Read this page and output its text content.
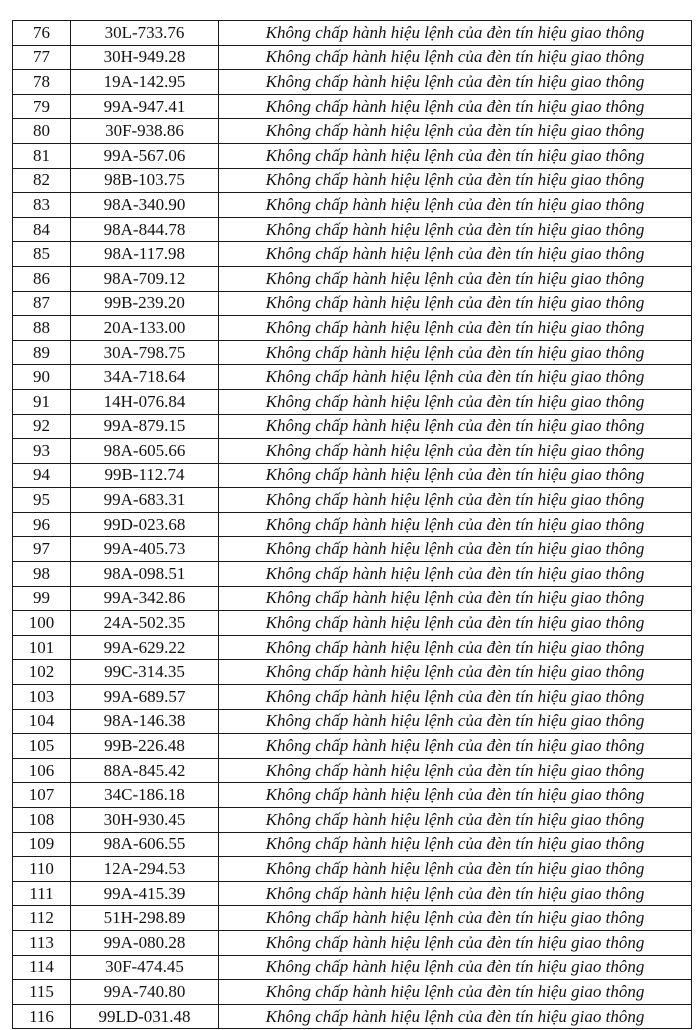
76	30L-733.76	Không chấp hành hiệu lệnh của đèn tín hiệu giao thông
77	30H-949.28	Không chấp hành hiệu lệnh của đèn tín hiệu giao thông
78	19A-142.95	Không chấp hành hiệu lệnh của đèn tín hiệu giao thông
79	99A-947.41	Không chấp hành hiệu lệnh của đèn tín hiệu giao thông
80	30F-938.86	Không chấp hành hiệu lệnh của đèn tín hiệu giao thông
81	99A-567.06	Không chấp hành hiệu lệnh của đèn tín hiệu giao thông
82	98B-103.75	Không chấp hành hiệu lệnh của đèn tín hiệu giao thông
83	98A-340.90	Không chấp hành hiệu lệnh của đèn tín hiệu giao thông
84	98A-844.78	Không chấp hành hiệu lệnh của đèn tín hiệu giao thông
85	98A-117.98	Không chấp hành hiệu lệnh của đèn tín hiệu giao thông
86	98A-709.12	Không chấp hành hiệu lệnh của đèn tín hiệu giao thông
87	99B-239.20	Không chấp hành hiệu lệnh của đèn tín hiệu giao thông
88	20A-133.00	Không chấp hành hiệu lệnh của đèn tín hiệu giao thông
89	30A-798.75	Không chấp hành hiệu lệnh của đèn tín hiệu giao thông
90	34A-718.64	Không chấp hành hiệu lệnh của đèn tín hiệu giao thông
91	14H-076.84	Không chấp hành hiệu lệnh của đèn tín hiệu giao thông
92	99A-879.15	Không chấp hành hiệu lệnh của đèn tín hiệu giao thông
93	98A-605.66	Không chấp hành hiệu lệnh của đèn tín hiệu giao thông
94	99B-112.74	Không chấp hành hiệu lệnh của đèn tín hiệu giao thông
95	99A-683.31	Không chấp hành hiệu lệnh của đèn tín hiệu giao thông
96	99D-023.68	Không chấp hành hiệu lệnh của đèn tín hiệu giao thông
97	99A-405.73	Không chấp hành hiệu lệnh của đèn tín hiệu giao thông
98	98A-098.51	Không chấp hành hiệu lệnh của đèn tín hiệu giao thông
99	99A-342.86	Không chấp hành hiệu lệnh của đèn tín hiệu giao thông
100	24A-502.35	Không chấp hành hiệu lệnh của đèn tín hiệu giao thông
101	99A-629.22	Không chấp hành hiệu lệnh của đèn tín hiệu giao thông
102	99C-314.35	Không chấp hành hiệu lệnh của đèn tín hiệu giao thông
103	99A-689.57	Không chấp hành hiệu lệnh của đèn tín hiệu giao thông
104	98A-146.38	Không chấp hành hiệu lệnh của đèn tín hiệu giao thông
105	99B-226.48	Không chấp hành hiệu lệnh của đèn tín hiệu giao thông
106	88A-845.42	Không chấp hành hiệu lệnh của đèn tín hiệu giao thông
107	34C-186.18	Không chấp hành hiệu lệnh của đèn tín hiệu giao thông
108	30H-930.45	Không chấp hành hiệu lệnh của đèn tín hiệu giao thông
109	98A-606.55	Không chấp hành hiệu lệnh của đèn tín hiệu giao thông
110	12A-294.53	Không chấp hành hiệu lệnh của đèn tín hiệu giao thông
111	99A-415.39	Không chấp hành hiệu lệnh của đèn tín hiệu giao thông
112	51H-298.89	Không chấp hành hiệu lệnh của đèn tín hiệu giao thông
113	99A-080.28	Không chấp hành hiệu lệnh của đèn tín hiệu giao thông
114	30F-474.45	Không chấp hành hiệu lệnh của đèn tín hiệu giao thông
115	99A-740.80	Không chấp hành hiệu lệnh của đèn tín hiệu giao thông
116	99LD-031.48	Không chấp hành hiệu lệnh của đèn tín hiệu giao thông
